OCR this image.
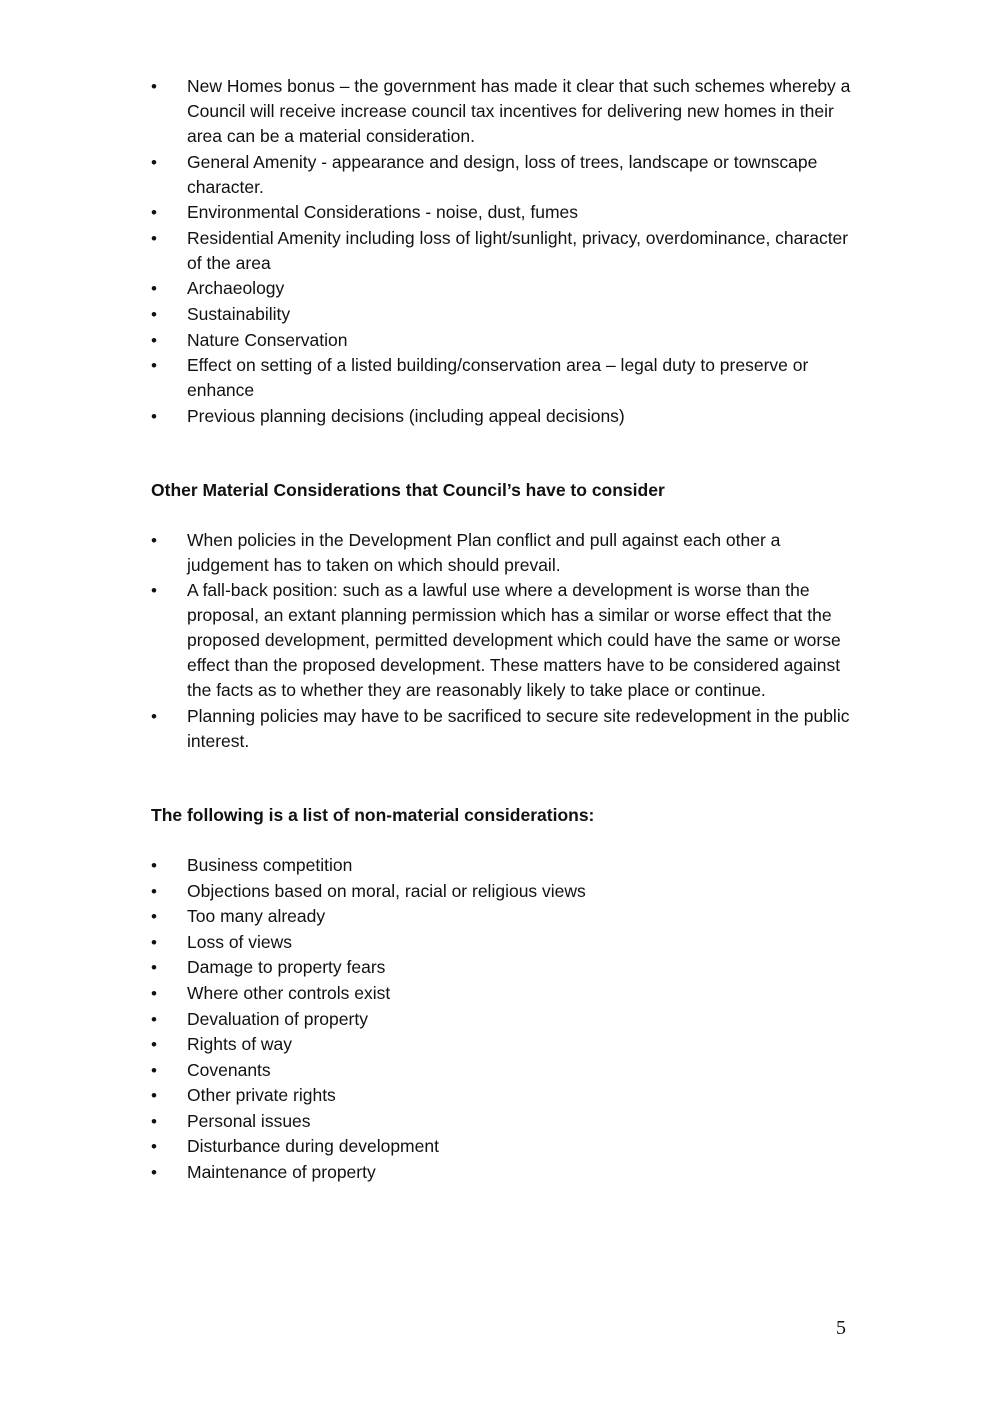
•	New Homes bonus – the government has made it clear that such schemes whereby a Council will receive increase council tax incentives for delivering new homes in their area can be a material consideration.
•	General Amenity - appearance and design, loss of trees, landscape or townscape character.
•	Environmental Considerations - noise, dust, fumes
•	Residential Amenity including loss of light/sunlight, privacy, overdominance, character of the area
•	Archaeology
•	Sustainability
•	Nature Conservation
•	Effect on setting of a listed building/conservation area – legal duty to preserve or enhance
•	Previous planning decisions (including appeal decisions)

Other Material Considerations that Council’s have to consider

•	When policies in the Development Plan conflict and pull against each other a judgement has to taken on which should prevail.
•	A fall-back position: such as a lawful use where a development is worse than the proposal, an extant planning permission which has a similar or worse effect that the proposed development, permitted development which could have the same or worse effect than the proposed development. These matters have to be considered against the facts as to whether they are reasonably likely to take place or continue.
•	Planning policies may have to be sacrificed to secure site redevelopment in the public interest.

The following is a list of non-material considerations:

•	Business competition
•	Objections based on moral, racial or religious views
•	Too many already
•	Loss of views
•	Damage to property fears
•	Where other controls exist
•	Devaluation of property
•	Rights of way
•	Covenants
•	Other private rights
•	Personal issues
•	Disturbance during development
•	Maintenance of property
5
